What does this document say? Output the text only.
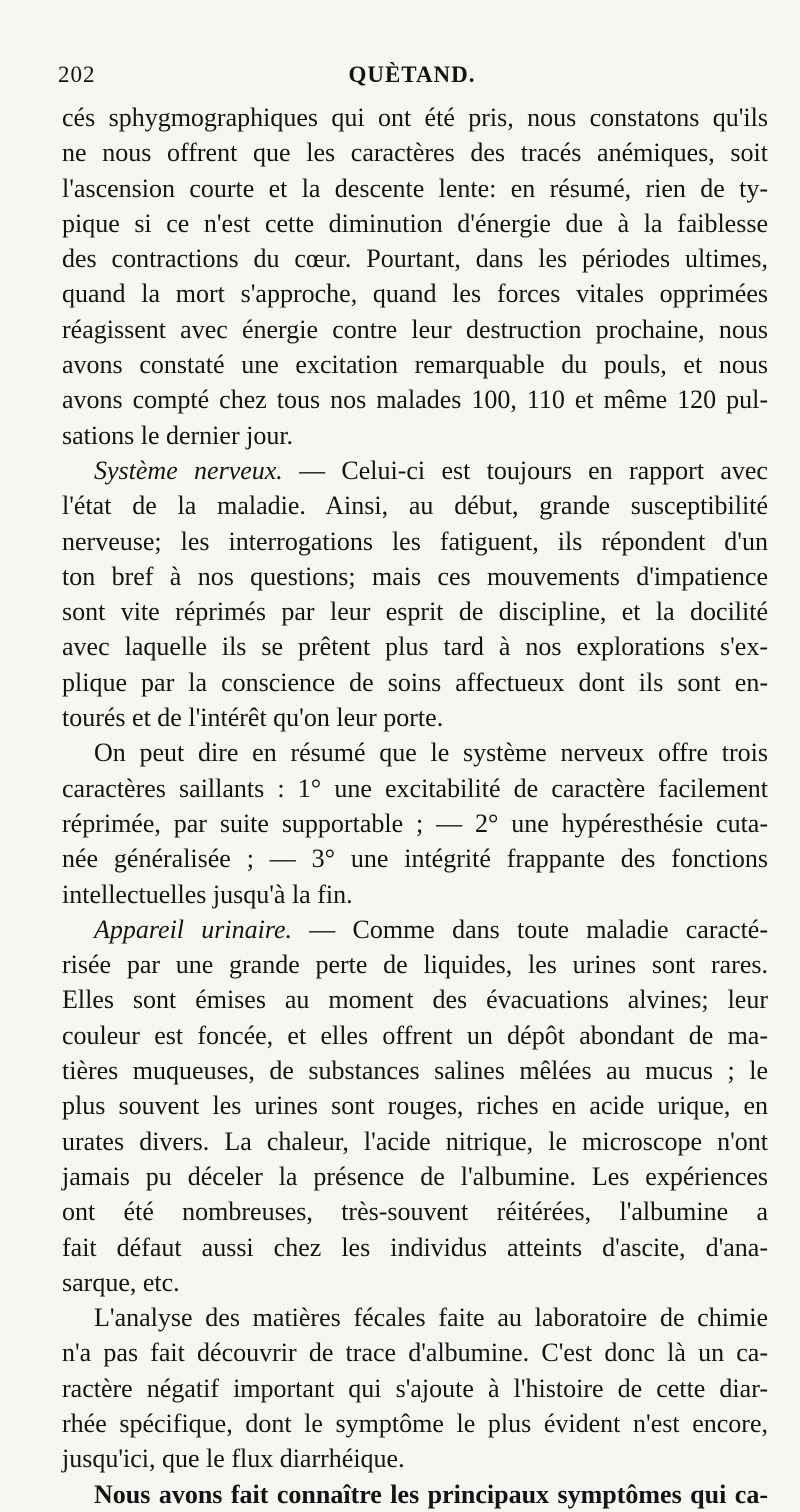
202	QUÈTAND.
cés sphygmographiques qui ont été pris, nous constatons qu'ils
ne nous offrent que les caractères des tracés anémiques, soit
l'ascension courte et la descente lente: en résumé, rien de ty-
pique si ce n'est cette diminution d'énergie due à la faiblesse
des contractions du cœur. Pourtant, dans les périodes ultimes,
quand la mort s'approche, quand les forces vitales opprimées
réagissent avec énergie contre leur destruction prochaine, nous
avons constaté une excitation remarquable du pouls, et nous
avons compté chez tous nos malades 100, 110 et même 120 pul-
sations le dernier jour.
Système nerveux. — Celui-ci est toujours en rapport avec
l'état de la maladie. Ainsi, au début, grande susceptibilité
nerveuse; les interrogations les fatiguent, ils répondent d'un
ton bref à nos questions; mais ces mouvements d'impatience
sont vite réprimés par leur esprit de discipline, et la docilité
avec laquelle ils se prêtent plus tard à nos explorations s'ex-
plique par la conscience de soins affectueux dont ils sont en-
tourés et de l'intérêt qu'on leur porte.
On peut dire en résumé que le système nerveux offre trois
caractères saillants : 1° une excitabilité de caractère facilement
réprimée, par suite supportable ; — 2° une hypéresthésie cuta-
née généralisée ; — 3° une intégrité frappante des fonctions
intellectuelles jusqu'à la fin.
Appareil urinaire. — Comme dans toute maladie caracté-
risée par une grande perte de liquides, les urines sont rares.
Elles sont émises au moment des évacuations alvines; leur
couleur est foncée, et elles offrent un dépôt abondant de ma-
tières muqueuses, de substances salines mêlées au mucus ; le
plus souvent les urines sont rouges, riches en acide urique, en
urates divers. La chaleur, l'acide nitrique, le microscope n'ont
jamais pu déceler la présence de l'albumine. Les expériences
ont été nombreuses, très-souvent réitérées, l'albumine a
fait défaut aussi chez les individus atteints d'ascite, d'ana-
sarque, etc.
L'analyse des matières fécales faite au laboratoire de chimie
n'a pas fait découvrir de trace d'albumine. C'est donc là un ca-
ractère négatif important qui s'ajoute à l'histoire de cette diar-
rhée spécifique, dont le symptôme le plus évident n'est encore,
jusqu'ici, que le flux diarrhéique.
Nous avons fait connaître les principaux symptômes qui ca-
